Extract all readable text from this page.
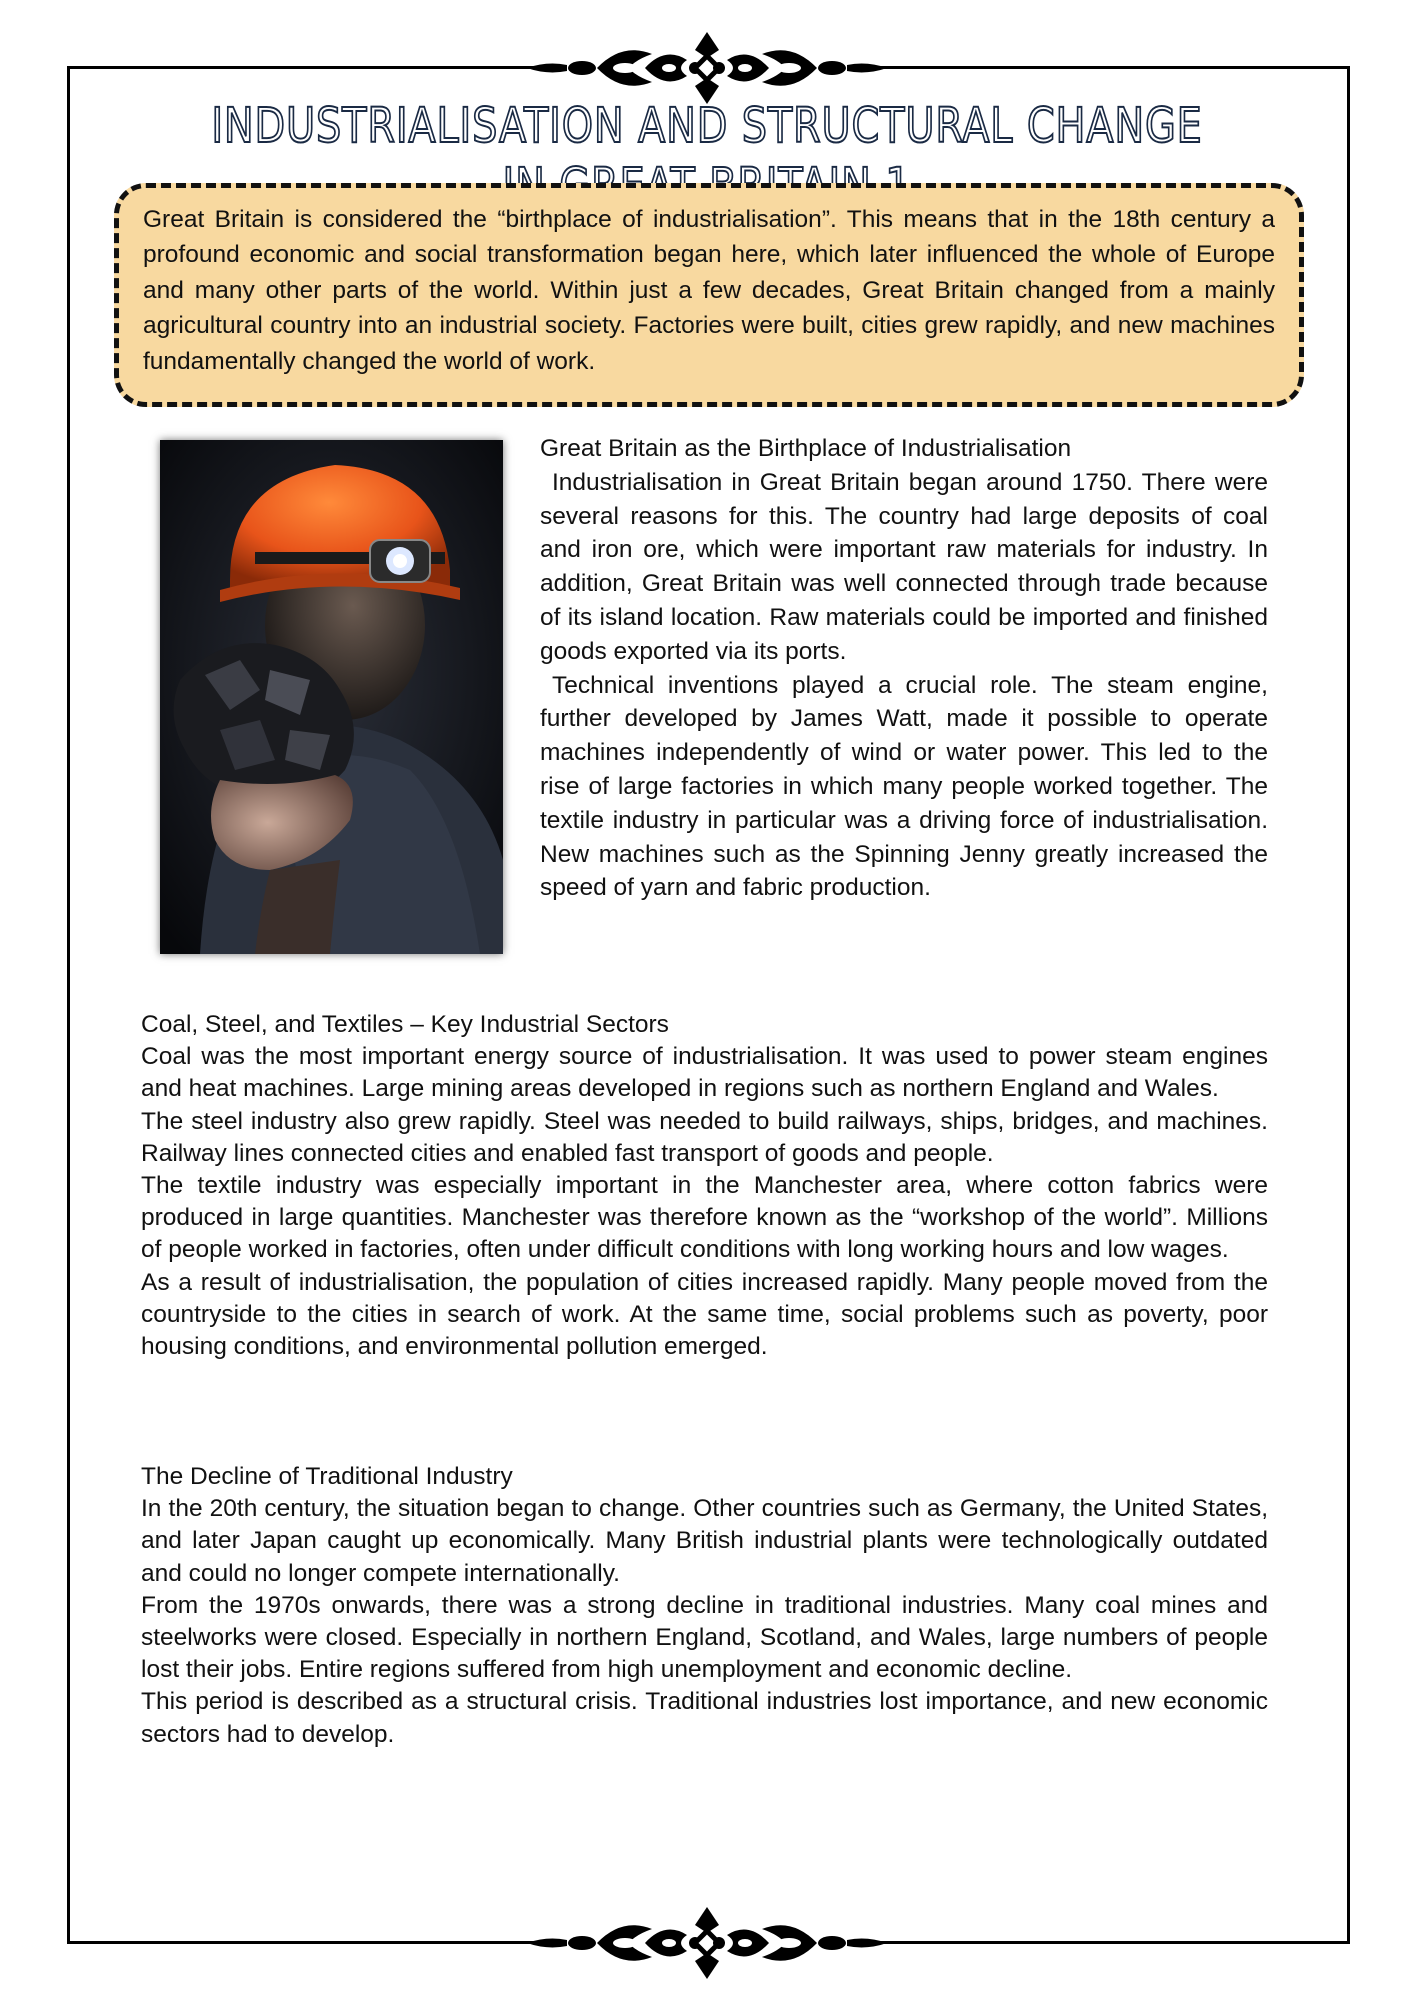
INDUSTRIALISATION AND STRUCTURAL CHANGE

Great Britain is considered the “birthplace of industrialisation”. This means that in the 18th century a profound economic and social transformation began here, which later influenced the whole of Europe and many other parts of the world. Within just a few decades, Great Britain changed from a mainly agricultural country into an industrial society. Factories were built, cities grew rapidly, and new machines fundamentally changed the world of work.

Great Britain as the Birthplace of Industrialisation

Industrialisation in Great Britain began around 1750. There were several reasons for this. The country had large deposits of coal and iron ore, which were important raw materials for industry. In addition, Great Britain was well connected through trade because of its island location. Raw materials could be imported and finished goods exported via its ports.

Technical inventions played a crucial role. The steam engine, further developed by James Watt, made it possible to operate machines independently of wind or water power. This led to the rise of large factories in which many people worked together. The textile industry in particular was a driving force of industrialisation. New machines such as the Spinning Jenny greatly increased the speed of yarn and fabric production.

Coal, Steel, and Textiles – Key Industrial Sectors

Coal was the most important energy source of industrialisation. It was used to power steam engines and heat machines. Large mining areas developed in regions such as northern England and Wales.

The steel industry also grew rapidly. Steel was needed to build railways, ships, bridges, and machines. Railway lines connected cities and enabled fast transport of goods and people.

The textile industry was especially important in the Manchester area, where cotton fabrics were produced in large quantities. Manchester was therefore known as the “workshop of the world”. Millions of people worked in factories, often under difficult conditions with long working hours and low wages.

As a result of industrialisation, the population of cities increased rapidly. Many people moved from the countryside to the cities in search of work. At the same time, social problems such as poverty, poor housing conditions, and environmental pollution emerged.

The Decline of Traditional Industry

In the 20th century, the situation began to change. Other countries such as Germany, the United States, and later Japan caught up economically. Many British industrial plants were technologically outdated and could no longer compete internationally.

From the 1970s onwards, there was a strong decline in traditional industries. Many coal mines and steelworks were closed. Especially in northern England, Scotland, and Wales, large numbers of people lost their jobs. Entire regions suffered from high unemployment and economic decline.

This period is described as a structural crisis. Traditional industries lost importance, and new economic sectors had to develop.
